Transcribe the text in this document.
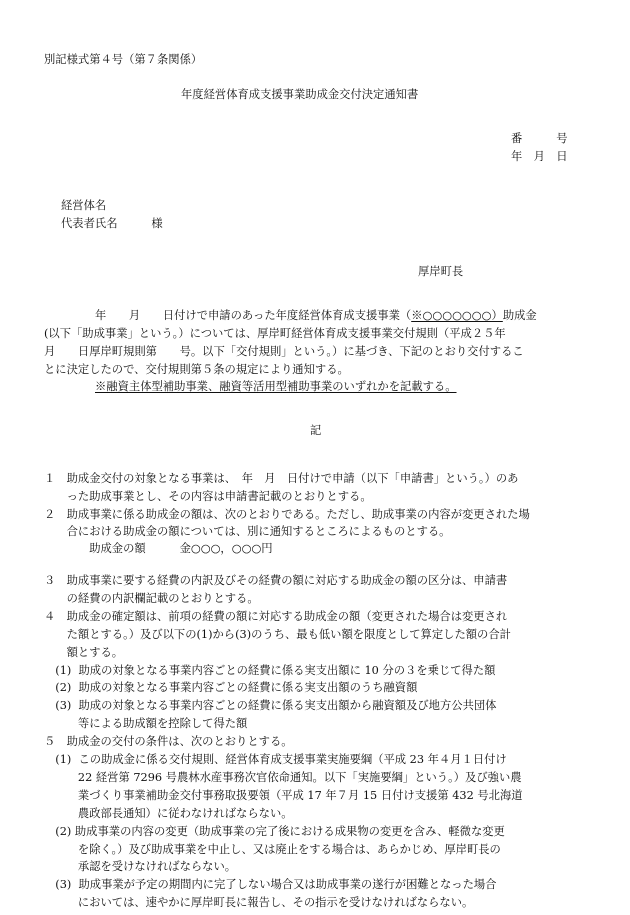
別記様式第４号（第７条関係）
年度経営体育成支援事業助成金交付決定通知書
番　　　号
年　月　日
経営体名
代表者氏名　　　様
厚岸町長
年　　月　　日付けで申請のあった年度経営体育成支援事業（※○○○○○○○）助成金
(以下「助成事業」という。）については、厚岸町経営体育成支援事業交付規則（平成２５年
月　　日厚岸町規則第　　号。以下「交付規則」という。）に基づき、下記のとおり交付するこ
とに決定したので、交付規則第５条の規定により通知する。
※融資主体型補助事業、融資等活用型補助事業のいずれかを記載する。
記
１　助成金交付の対象となる事業は、　年　月　日付けで申請（以下「申請書」という。）のあ
　　った助成事業とし、その内容は申請書記載のとおりとする。
２　助成事業に係る助成金の額は、次のとおりである。ただし、助成事業の内容が変更された場
　　合における助成金の額については、別に通知するところによるものとする。
　　　　助成金の額　　　金○○○，○○○円
３　助成事業に要する経費の内訳及びその経費の額に対応する助成金の額の区分は、申請書
　　の経費の内訳欄記載のとおりとする。
４　助成金の確定額は、前項の経費の額に対応する助成金の額（変更された場合は変更され
　　た額とする。）及び以下の(1)から(3)のうち、最も低い額を限度として算定した額の合計
　　額とする。
　(1)  助成の対象となる事業内容ごとの経費に係る実支出額に 10 分の３を乗じて得た額
　(2)  助成の対象となる事業内容ごとの経費に係る実支出額のうち融資額
　(3)  助成の対象となる事業内容ごとの経費に係る実支出額から融資額及び地方公共団体
　　　等による助成額を控除して得た額
５　助成金の交付の条件は、次のとおりとする。
　(1)  この助成金に係る交付規則、経営体育成支援事業実施要綱（平成 23 年４月１日付け
　　　22 経営第 7296 号農林水産事務次官依命通知。以下「実施要綱」という。）及び強い農
　　　業づくり事業補助金交付事務取扱要領（平成 17 年７月 15 日付け支援第 432 号北海道
　　　農政部長通知）に従わなければならない。
　(2) 助成事業の内容の変更（助成事業の完了後における成果物の変更を含み、軽微な変更
　　　を除く。）及び助成事業を中止し、又は廃止をする場合は、あらかじめ、厚岸町長の
　　　承認を受けなければならない。
　(3)  助成事業が予定の期間内に完了しない場合又は助成事業の遂行が困難となった場合
　　　においては、速やかに厚岸町長に報告し、その指示を受けなければならない。
